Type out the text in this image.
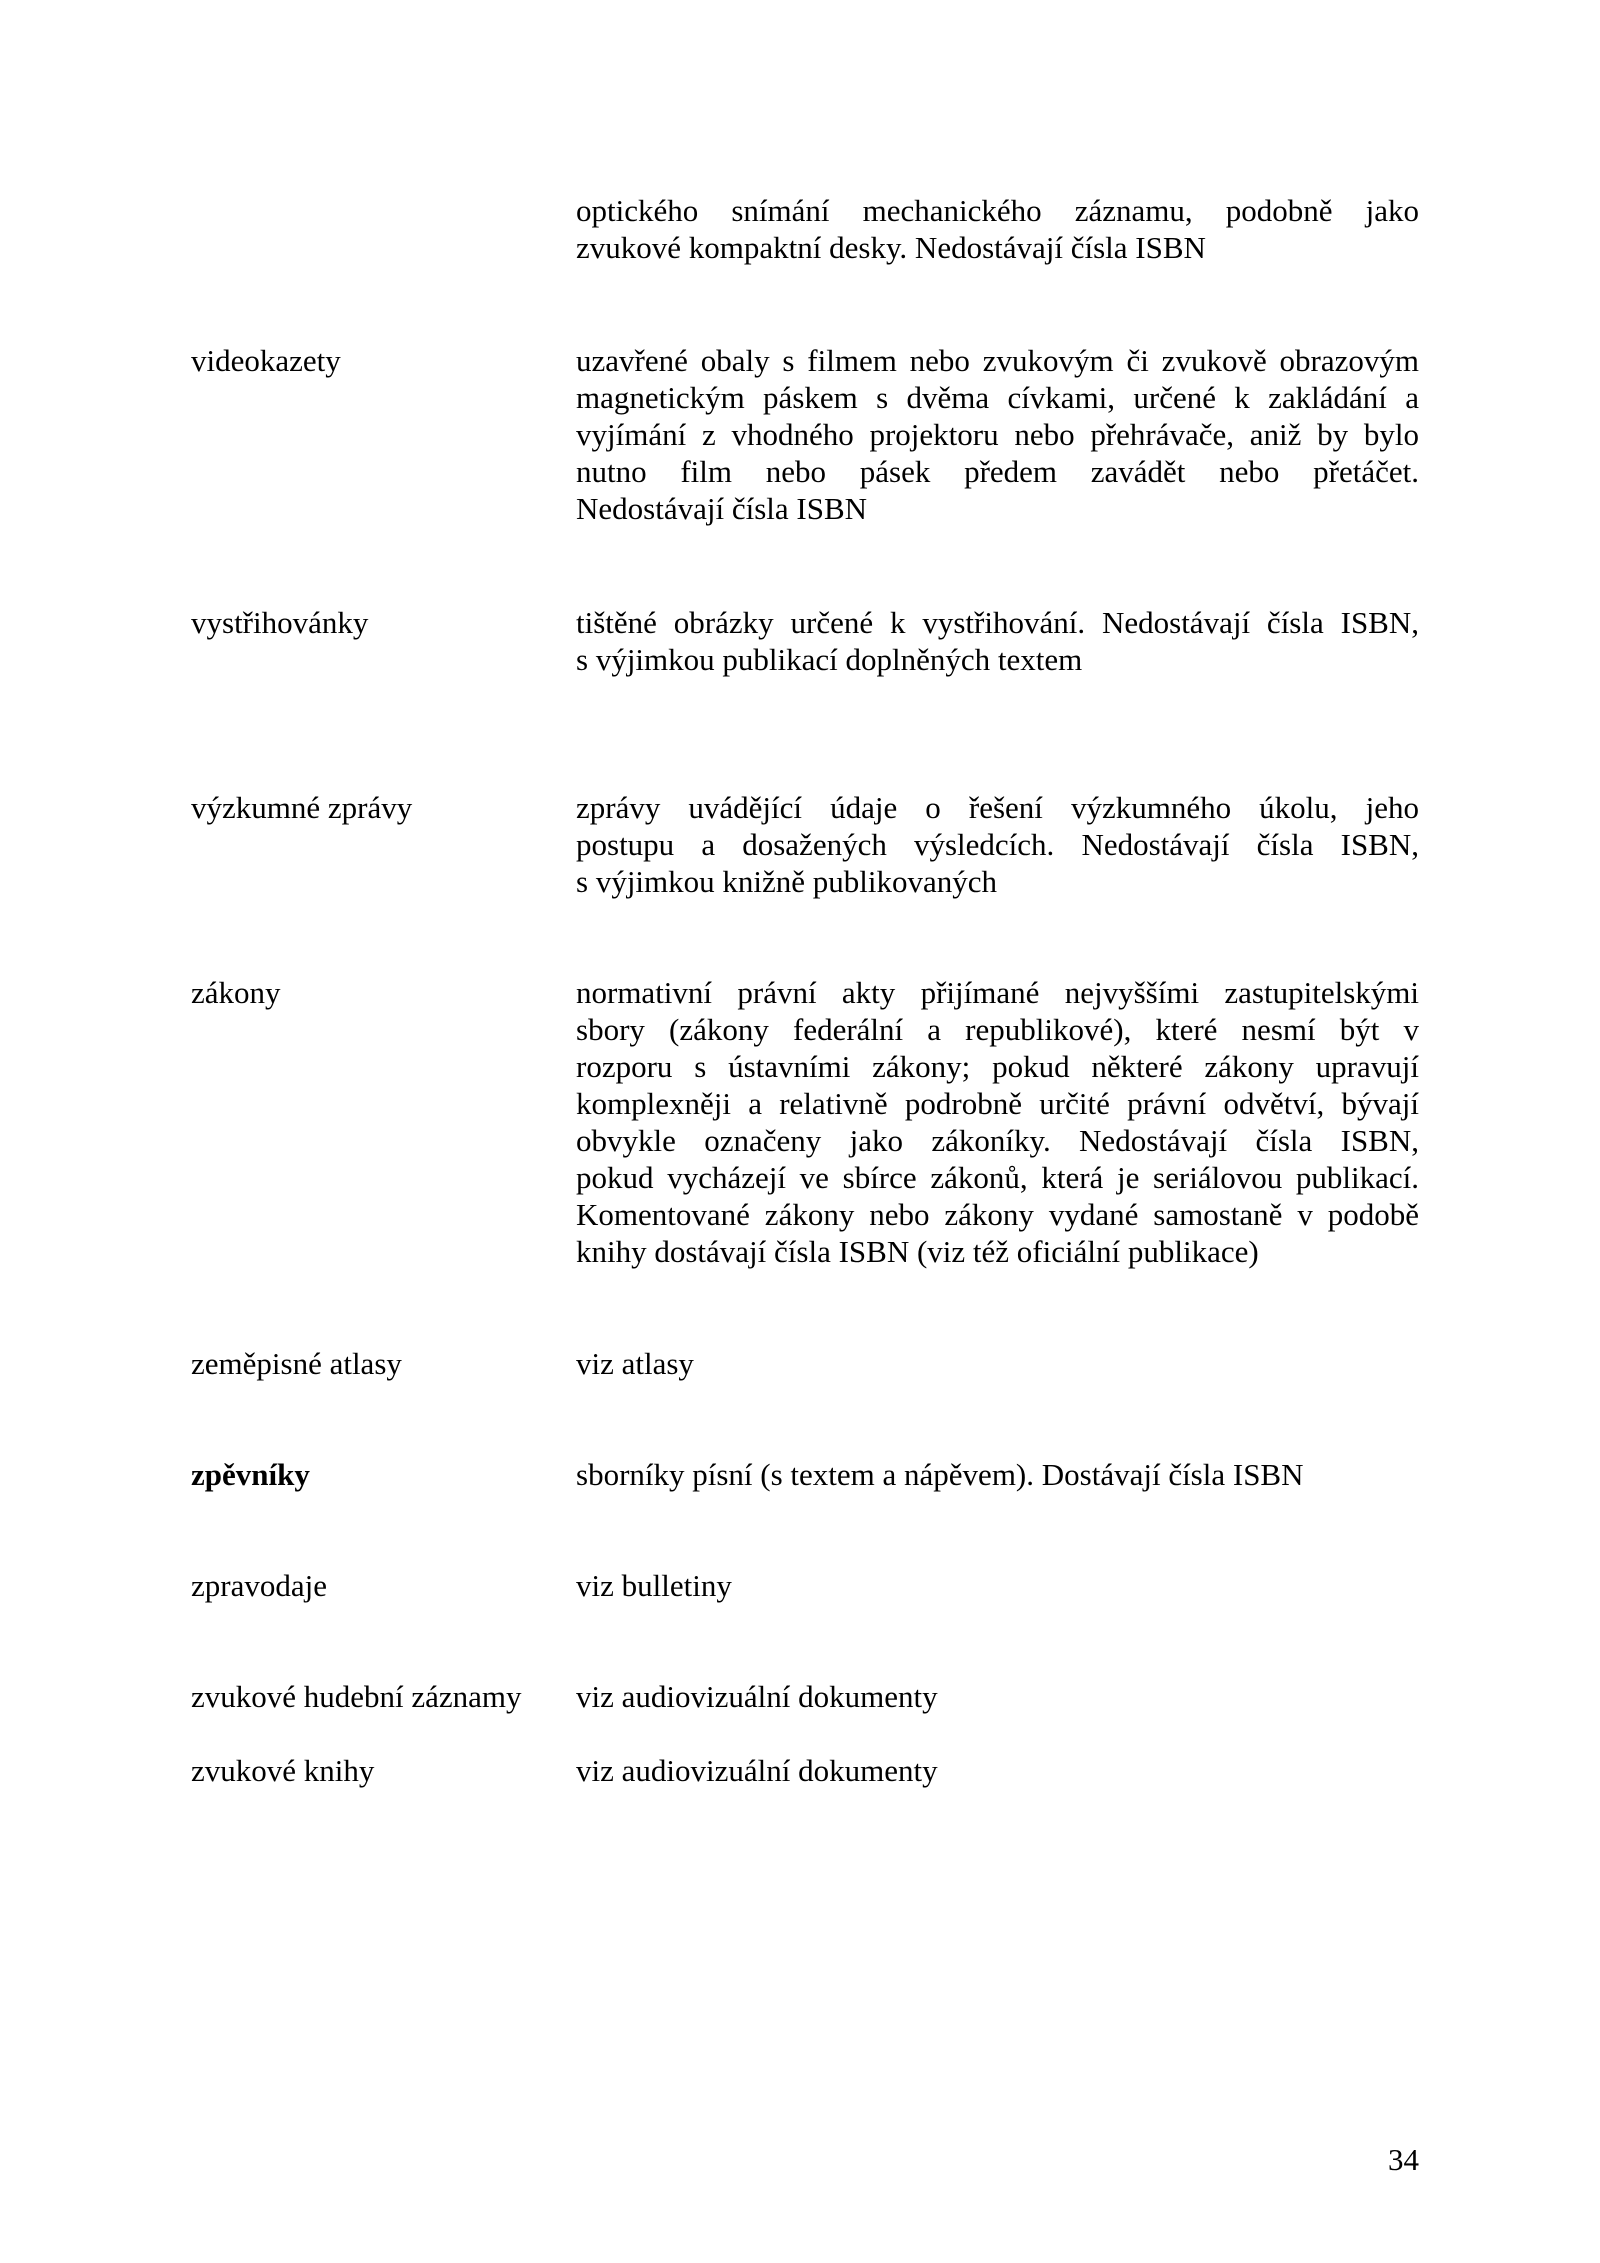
optického snímání mechanického záznamu, podobně jako
zvukové kompaktní desky. Nedostávají čísla ISBN
videokazety	uzavřené obaly s filmem nebo zvukovým či zvukově obrazovým
magnetickým páskem s dvěma cívkami, určené k zakládání a
vyjímání z vhodného projektoru nebo přehrávače, aniž by bylo
nutno film nebo pásek předem zavádět nebo přetáčet.
Nedostávají čísla ISBN
vystřihovánky	tištěné obrázky určené k vystřihování. Nedostávají čísla ISBN,
s výjimkou publikací doplněných textem
výzkumné zprávy	zprávy uvádějící údaje o řešení výzkumného úkolu, jeho
postupu a dosažených výsledcích. Nedostávají čísla ISBN,
s výjimkou knižně publikovaných
zákony	normativní právní akty přijímané nejvyššími zastupitelskými
sbory (zákony federální a republikové), které nesmí být v
rozporu s ústavními zákony; pokud některé zákony upravují
komplexněji a relativně podrobně určité právní odvětví, bývají
obvykle označeny jako zákoníky. Nedostávají čísla ISBN,
pokud vycházejí ve sbírce zákonů, která je seriálovou publikací.
Komentované zákony nebo zákony vydané samostaně v podobě
knihy dostávají čísla ISBN (viz též oficiální publikace)
zeměpisné atlasy	viz atlasy
zpěvníky	sborníky písní (s textem a nápěvem). Dostávají čísla ISBN
zpravodaje	viz bulletiny
zvukové hudební záznamy	viz audiovizuální dokumenty
zvukové knihy	viz audiovizuální dokumenty
34
